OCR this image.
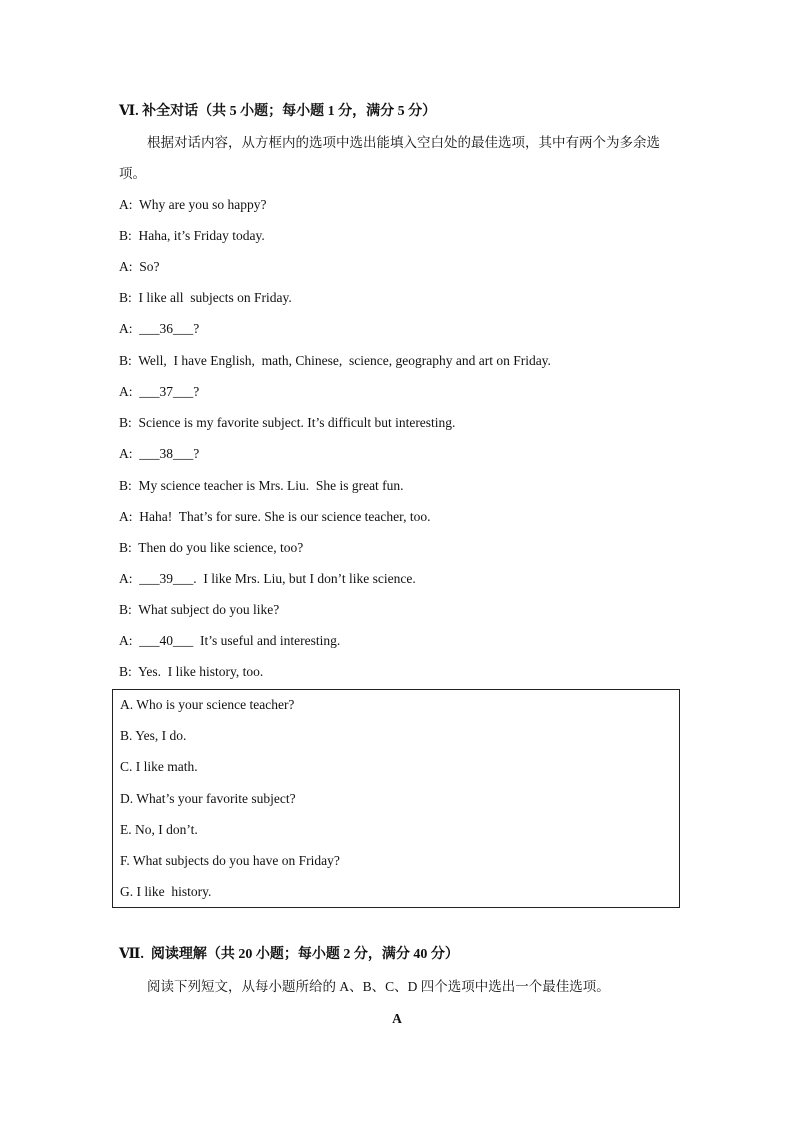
Ⅵ. 补全对话（共 5 小题；每小题 1 分，满分 5 分）
根据对话内容，从方框内的选项中选出能填入空白处的最佳选项，其中有两个为多余选
项。
A:  Why are you so happy?
B:  Haha, it’s Friday today.
A:  So?
B:  I like all  subjects on Friday.
A:  ___36___?
B:  Well,  I have English,  math, Chinese,  science, geography and art on Friday.
A:  ___37___?
B:  Science is my favorite subject. It’s difficult but interesting.
A:  ___38___?
B:  My science teacher is Mrs. Liu.  She is great fun.
A:  Haha!  That’s for sure. She is our science teacher, too.
B:  Then do you like science, too?
A:  ___39___.  I like Mrs. Liu, but I don’t like science.
B:  What subject do you like?
A:  ___40___  It’s useful and interesting.
B:  Yes.  I like history, too.
A. Who is your science teacher?
B. Yes, I do.
C. I like math.
D. What’s your favorite subject?
E. No, I don’t.
F. What subjects do you have on Friday?
G. I like  history.
Ⅶ.  阅读理解（共 20 小题；每小题 2 分，满分 40 分）
阅读下列短文，从每小题所给的 A、B、C、D 四个选项中选出一个最佳选项。
A
